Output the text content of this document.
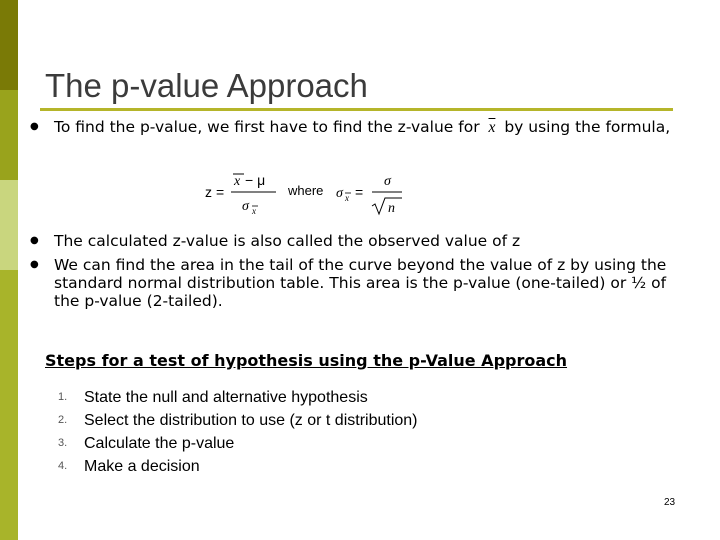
The p-value Approach
● To find the p-value, we first have to find the z-value for $\overline{x}$ by using the formula,
z =
x − μ
σ x
where σ x =
σ
n
● The calculated z-value is also called the observed value of z
● We can find the area in the tail of the curve beyond the value of z by using the standard normal distribution table. This area is the p-value (one-tailed) or ½ of the p-value (2-tailed).
Steps for a test of hypothesis using the p-Value Approach
1.	State the null and alternative hypothesis
2.	Select the distribution to use (z or t distribution)
3.	Calculate the p-value
4.	Make a decision
23
